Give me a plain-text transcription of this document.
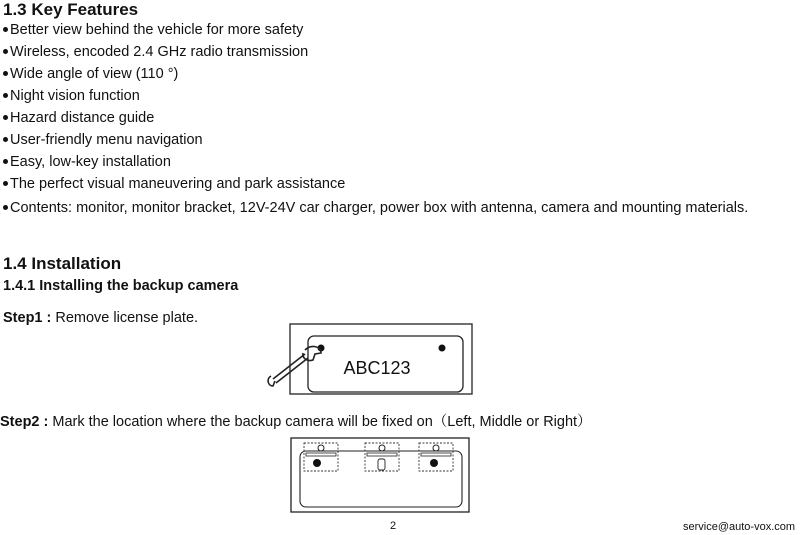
1.3 Key Features
Better view behind the vehicle for more safety
Wireless, encoded 2.4 GHz radio transmission
Wide angle of view (110 °)
Night vision function
Hazard distance guide
User-friendly menu navigation
Easy, low-key installation
The perfect visual maneuvering and park assistance
Contents: monitor, monitor bracket, 12V-24V car charger, power box with antenna, camera and mounting materials.
1.4 Installation
1.4.1 Installing the backup camera
Step1 : Remove license plate.
ABC123
Step2 : Mark the location where the backup camera will be fixed on（Left, Middle or Right）
2	service@auto-vox.com
